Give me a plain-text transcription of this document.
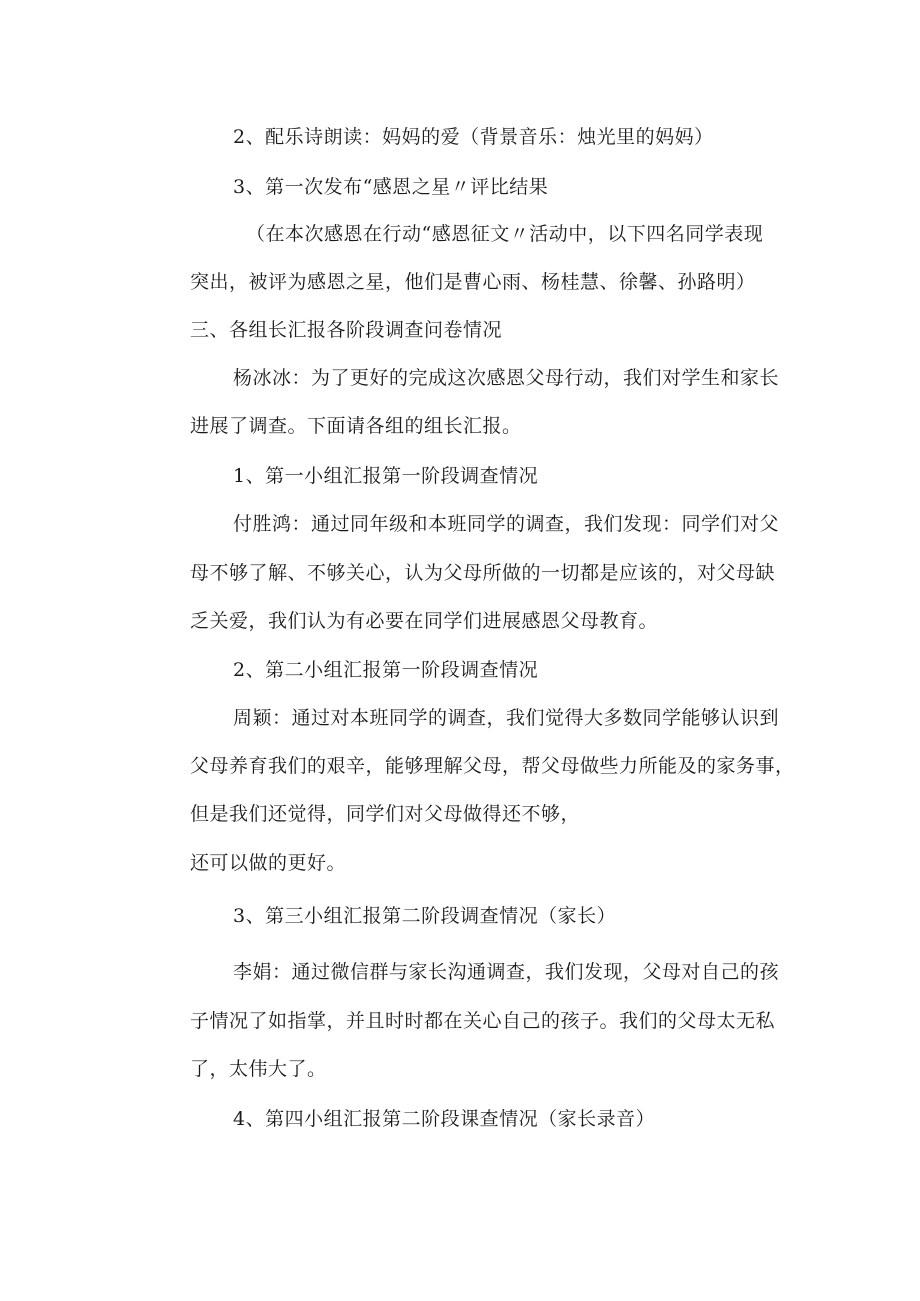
2、配乐诗朗读：妈妈的爱（背景音乐：烛光里的妈妈）
3、第一次发布“感恩之星〃评比结果
（在本次感恩在行动“感恩征文〃活动中，以下四名同学表现
突出，被评为感恩之星，他们是曹心雨、杨桂慧、徐馨、孙路明）
三、各组长汇报各阶段调查问卷情况
杨冰冰：为了更好的完成这次感恩父母行动，我们对学生和家长
进展了调查。下面请各组的组长汇报。
1、第一小组汇报第一阶段调查情况
付胜鸿：通过同年级和本班同学的调查，我们发现：同学们对父
母不够了解、不够关心，认为父母所做的一切都是应该的，对父母缺
乏关爱，我们认为有必要在同学们进展感恩父母教育。
2、第二小组汇报第一阶段调查情况
周颖：通过对本班同学的调查，我们觉得大多数同学能够认识到
父母养育我们的艰辛，能够理解父母，帮父母做些力所能及的家务事，
但是我们还觉得，同学们对父母做得还不够，
还可以做的更好。
3、第三小组汇报第二阶段调查情况（家长）
李娟：通过微信群与家长沟通调查，我们发现，父母对自己的孩
子情况了如指掌，并且时时都在关心自己的孩子。我们的父母太无私
了，太伟大了。
4、第四小组汇报第二阶段课查情况（家长录音）
